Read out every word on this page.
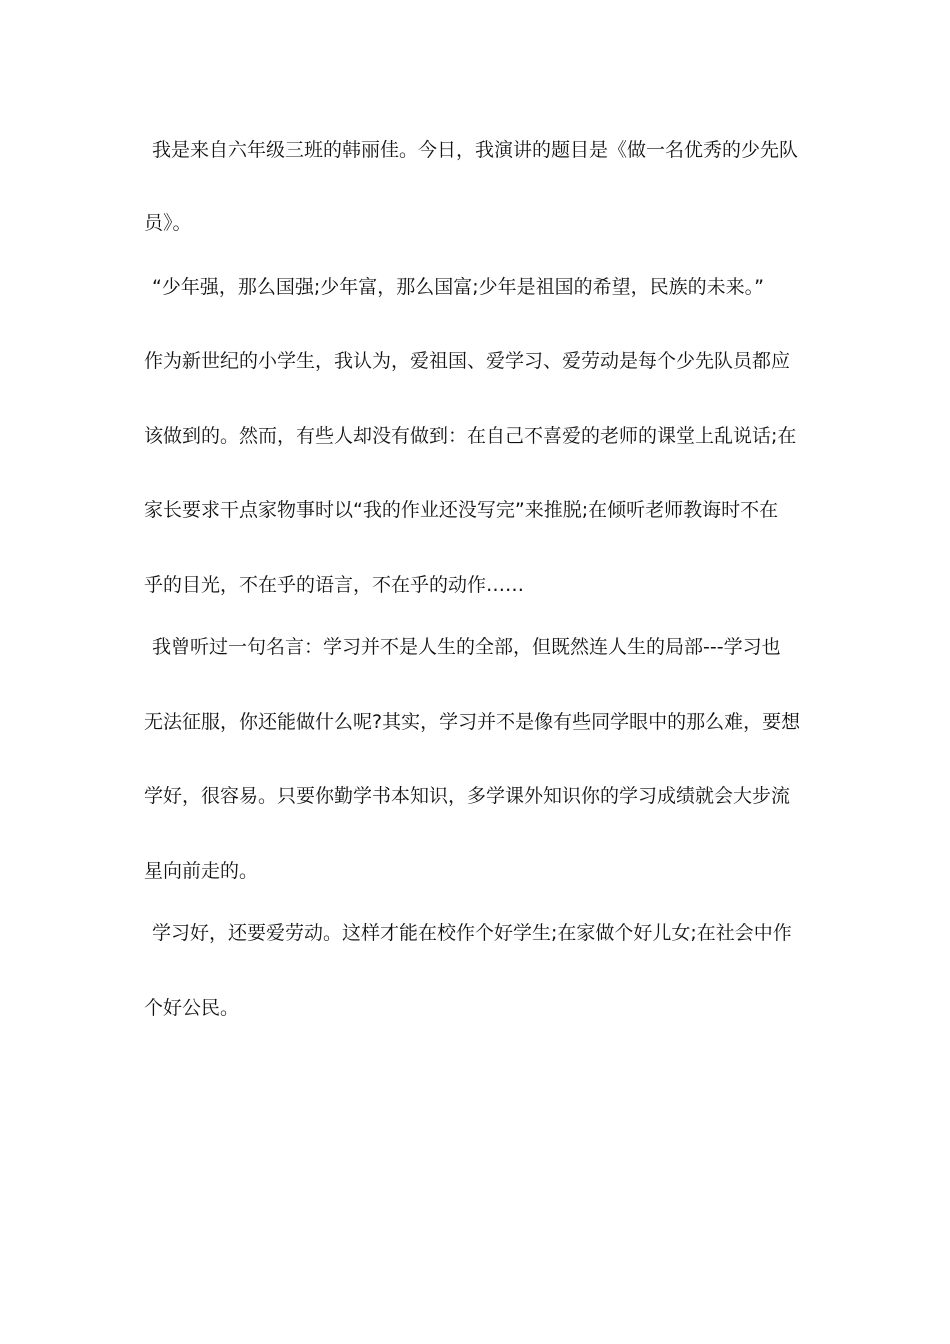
我是来自六年级三班的韩丽佳。今日，我演讲的题目是《做一名优秀的少先队
员》。
“少年强，那么国强;少年富，那么国富;少年是祖国的希望，民族的未来。”
作为新世纪的小学生，我认为，爱祖国、爱学习、爱劳动是每个少先队员都应
该做到的。然而，有些人却没有做到：在自己不喜爱的老师的课堂上乱说话;在
家长要求干点家物事时以“我的作业还没写完”来推脱;在倾听老师教诲时不在
乎的目光，不在乎的语言，不在乎的动作……
我曾听过一句名言：学习并不是人生的全部，但既然连人生的局部---学习也
无法征服，你还能做什么呢?其实，学习并不是像有些同学眼中的那么难，要想
学好，很容易。只要你勤学书本知识，多学课外知识你的学习成绩就会大步流
星向前走的。
学习好，还要爱劳动。这样才能在校作个好学生;在家做个好儿女;在社会中作
个好公民。
